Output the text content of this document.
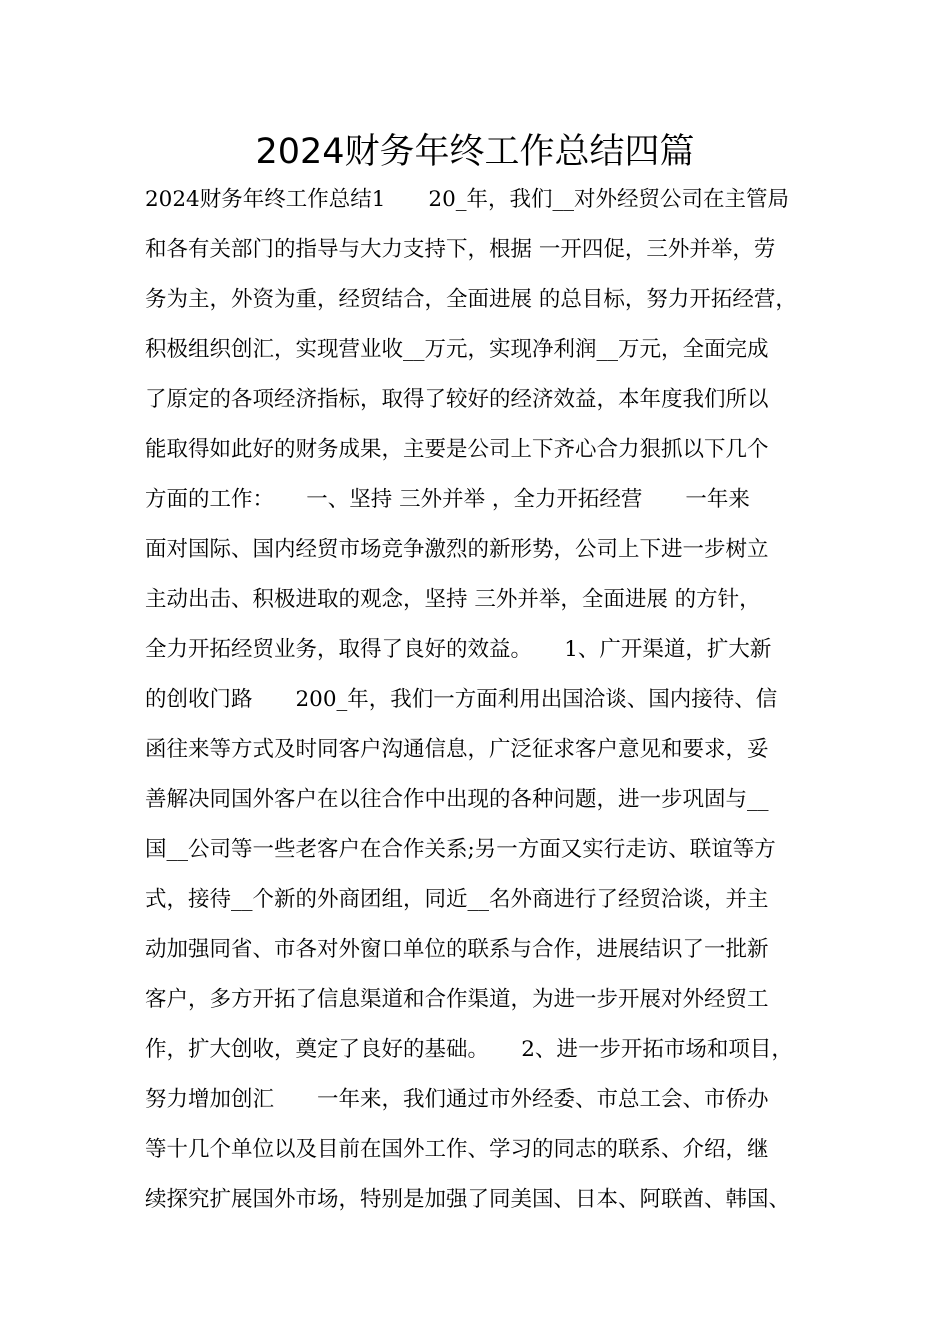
2024财务年终工作总结四篇
2024财务年终工作总结1　　20_年，我们__对外经贸公司在主管局
和各有关部门的指导与大力支持下，根据 一开四促，三外并举，劳
务为主，外资为重，经贸结合，全面进展 的总目标，努力开拓经营，
积极组织创汇，实现营业收__万元，实现净利润__万元，全面完成
了原定的各项经济指标，取得了较好的经济效益，本年度我们所以
能取得如此好的财务成果，主要是公司上下齐心合力狠抓以下几个
方面的工作：　　一、坚持 三外并举 ，全力开拓经营　　一年来
面对国际、国内经贸市场竞争激烈的新形势，公司上下进一步树立
主动出击、积极进取的观念，坚持 三外并举，全面进展 的方针，
全力开拓经贸业务，取得了良好的效益。　　1、广开渠道，扩大新
的创收门路　　200_年，我们一方面利用出国洽谈、国内接待、信
函往来等方式及时同客户沟通信息，广泛征求客户意见和要求，妥
善解决同国外客户在以往合作中出现的各种问题，进一步巩固与__
国__公司等一些老客户在合作关系;另一方面又实行走访、联谊等方
式，接待__个新的外商团组，同近__名外商进行了经贸洽谈，并主
动加强同省、市各对外窗口单位的联系与合作，进展结识了一批新
客户，多方开拓了信息渠道和合作渠道，为进一步开展对外经贸工
作，扩大创收，奠定了良好的基础。　　2、进一步开拓市场和项目，
努力增加创汇　　一年来，我们通过市外经委、市总工会、市侨办
等十几个单位以及目前在国外工作、学习的同志的联系、介绍，继
续探究扩展国外市场，特别是加强了同美国、日本、阿联酋、韩国、
